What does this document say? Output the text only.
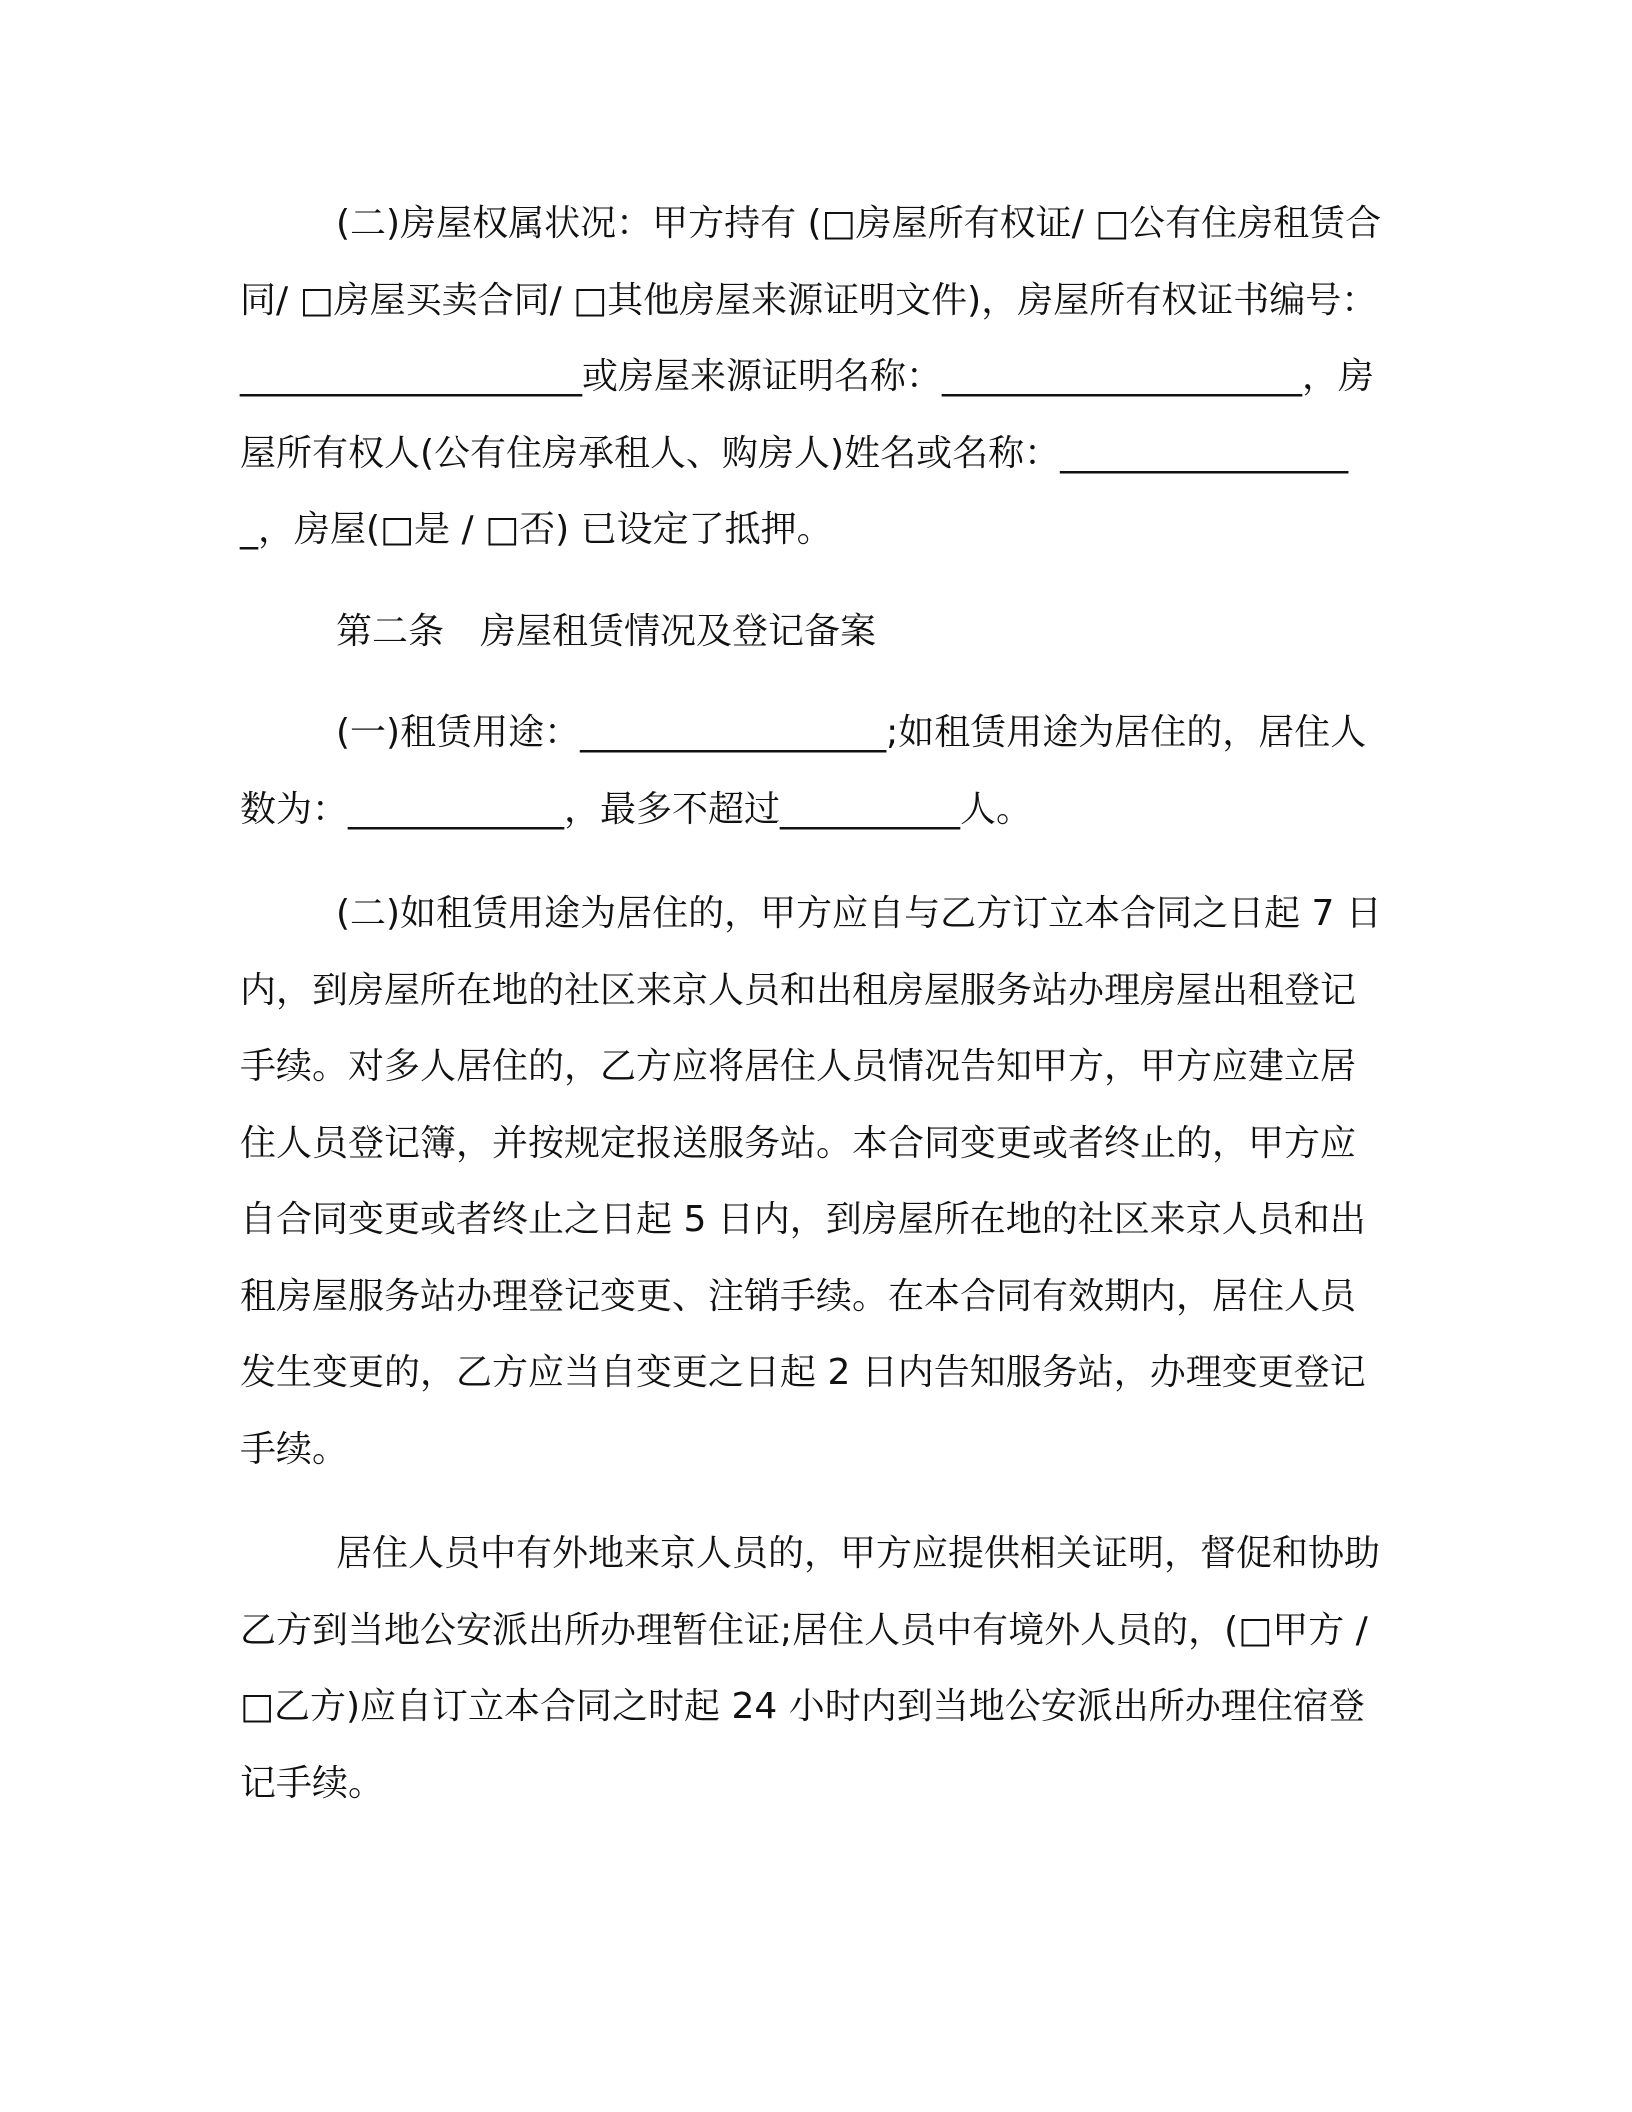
(二)房屋权属状况：甲方持有 (□房屋所有权证/ □公有住房租赁合同/ □房屋买卖合同/ □其他房屋来源证明文件)，房屋所有权证书编号：___________________或房屋来源证明名称：____________________，房屋所有权人(公有住房承租人、购房人)姓名或名称：_________________，房屋(□是 / □否) 已设定了抵押。

第二条　房屋租赁情况及登记备案

(一)租赁用途：_________________;如租赁用途为居住的，居住人数为：____________，最多不超过__________人。

(二)如租赁用途为居住的，甲方应自与乙方订立本合同之日起 7 日内，到房屋所在地的社区来京人员和出租房屋服务站办理房屋出租登记手续。对多人居住的，乙方应将居住人员情况告知甲方，甲方应建立居住人员登记簿，并按规定报送服务站。本合同变更或者终止的，甲方应自合同变更或者终止之日起 5 日内，到房屋所在地的社区来京人员和出租房屋服务站办理登记变更、注销手续。在本合同有效期内，居住人员发生变更的，乙方应当自变更之日起 2 日内告知服务站，办理变更登记手续。

居住人员中有外地来京人员的，甲方应提供相关证明，督促和协助乙方到当地公安派出所办理暂住证;居住人员中有境外人员的，(□甲方 /□乙方)应自订立本合同之时起 24 小时内到当地公安派出所办理住宿登记手续。
